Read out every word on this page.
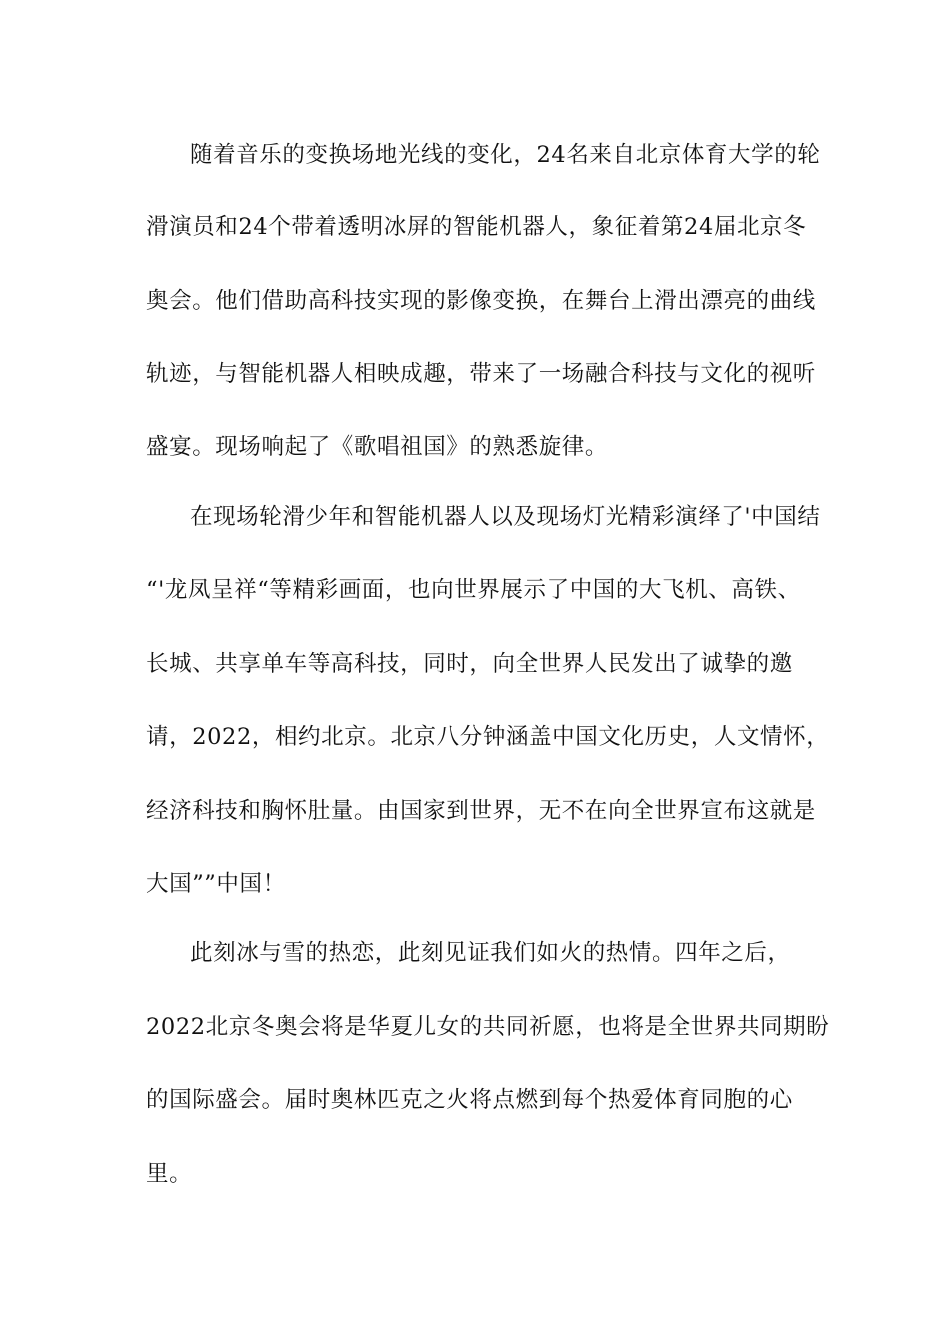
随着音乐的变换场地光线的变化，24名来自北京体育大学的轮
滑演员和24个带着透明冰屏的智能机器人，象征着第24届北京冬
奥会。他们借助高科技实现的影像变换，在舞台上滑出漂亮的曲线
轨迹，与智能机器人相映成趣，带来了一场融合科技与文化的视听
盛宴。现场响起了《歌唱祖国》的熟悉旋律。
在现场轮滑少年和智能机器人以及现场灯光精彩演绎了'中国结
“'龙凤呈祥“等精彩画面，也向世界展示了中国的大飞机、高铁、
长城、共享单车等高科技，同时，向全世界人民发出了诚挚的邀
请，2022，相约北京。北京八分钟涵盖中国文化历史，人文情怀，
经济科技和胸怀肚量。由国家到世界，无不在向全世界宣布这就是
大国””中国！
此刻冰与雪的热恋，此刻见证我们如火的热情。四年之后，
2022北京冬奥会将是华夏儿女的共同祈愿，也将是全世界共同期盼
的国际盛会。届时奥林匹克之火将点燃到每个热爱体育同胞的心
里。
